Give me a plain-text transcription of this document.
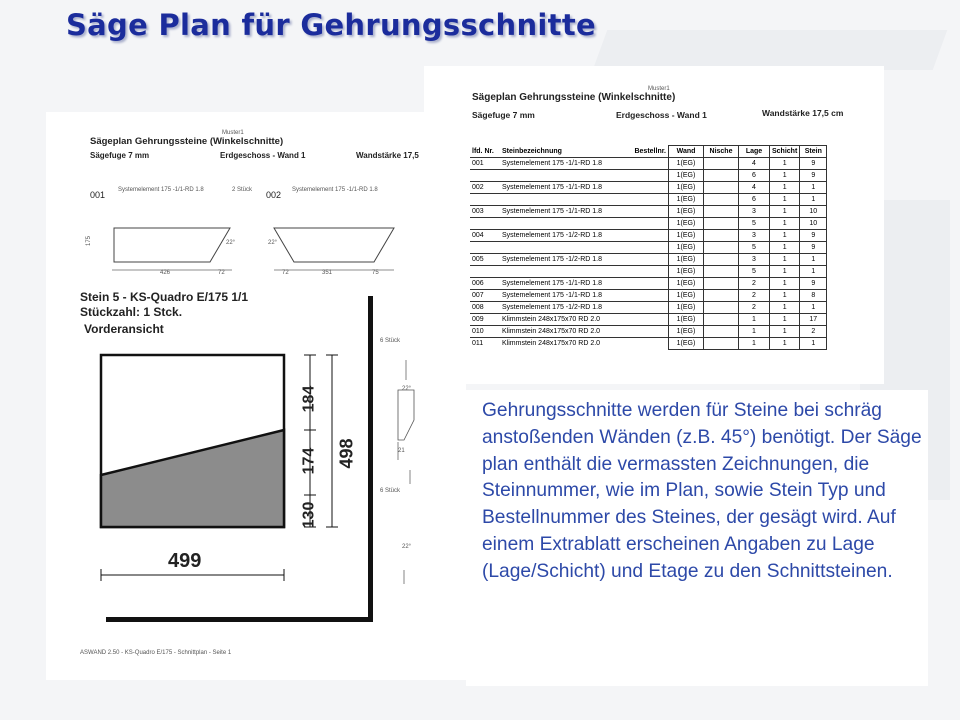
Säge Plan für Gehrungsschnitte
Muster1
Sägeplan Gehrungssteine (Winkelschnitte)
Sägefuge 7 mm	Erdgeschoss - Wand 1	Wandstärke 17,5
001 Systemelement 175 -1/1-RD 1.8	2 Stück 002 Systemelement 175 -1/1-RD 1.8
175	22°
426	72
22°
72	351	75
6 Stück
22°
21
6 Stück
22°
ASWAND 2.50 - KS-Quadro E/175 - Schnittplan - Seite 1
Stein 5 - KS-Quadro E/175 1/1
Stückzahl: 1 Stck.
Vorderansicht
184
174
130
498
499
Muster1
Sägeplan Gehrungssteine (Winkelschnitte)
Sägefuge 7 mm	Erdgeschoss - Wand 1	Wandstärke 17,5 cm
lfd. Nr.	Steinbezeichnung	Bestellnr.	Wand	Nische	Lage	Schicht	Stein
001	Systemelement 175 -1/1-RD 1.8		1(EG)		4	1	9
			1(EG)		6	1	9
002	Systemelement 175 -1/1-RD 1.8		1(EG)		4	1	1
			1(EG)		6	1	1
003	Systemelement 175 -1/1-RD 1.8		1(EG)		3	1	10
			1(EG)		5	1	10
004	Systemelement 175 -1/2-RD 1.8		1(EG)		3	1	9
			1(EG)		5	1	9
005	Systemelement 175 -1/2-RD 1.8		1(EG)		3	1	1
			1(EG)		5	1	1
006	Systemelement 175 -1/1-RD 1.8		1(EG)		2	1	9
007	Systemelement 175 -1/1-RD 1.8		1(EG)		2	1	8
008	Systemelement 175 -1/2-RD 1.8		1(EG)		2	1	1
009	Klimmstein 248x175x70 RD 2.0		1(EG)		1	1	17
010	Klimmstein 248x175x70 RD 2.0		1(EG)		1	1	2
011	Klimmstein 248x175x70 RD 2.0		1(EG)		1	1	1

Gehrungsschnitte werden für Steine bei schräg anstoßenden Wänden (z.B. 45°) benötigt. Der Säge plan enthält die vermassten Zeichnungen, die Steinnummer, wie im Plan, sowie Stein Typ und Bestellnummer des Steines, der gesägt wird. Auf einem Extrablatt erscheinen Angaben zu Lage (Lage/Schicht) und Etage zu den Schnittsteinen.
